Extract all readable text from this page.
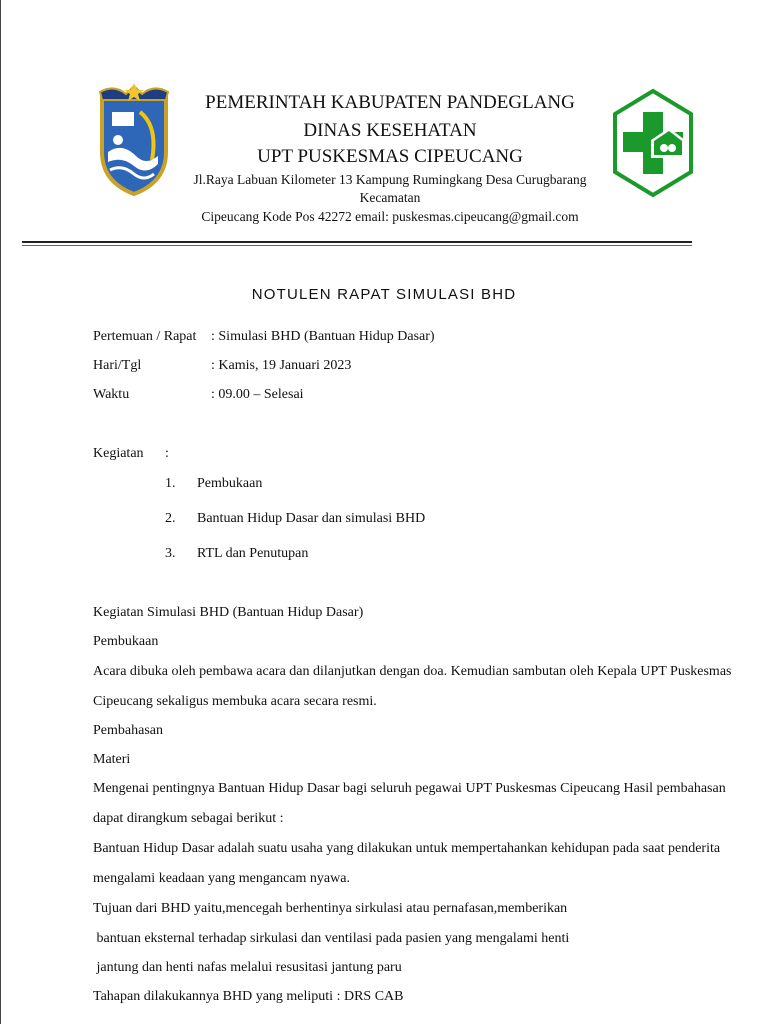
PEMERINTAH KABUPATEN PANDEGLANG
DINAS KESEHATAN
UPT PUSKESMAS CIPEUCANG
Jl.Raya Labuan Kilometer 13 Kampung Rumingkang Desa Curugbarang
Kecamatan
Cipeucang Kode Pos 42272 email: puskesmas.cipeucang@gmail.com
NOTULEN RAPAT SIMULASI BHD
Pertemuan / Rapat : Simulasi BHD (Bantuan Hidup Dasar)
Hari/Tgl	: Kamis, 19 Januari 2023
Waktu	: 09.00 – Selesai
Kegiatan :
1. Pembukaan
2. Bantuan Hidup Dasar dan simulasi BHD
3. RTL dan Penutupan
Kegiatan Simulasi BHD (Bantuan Hidup Dasar)
Pembukaan
Acara dibuka oleh pembawa acara dan dilanjutkan dengan doa. Kemudian sambutan oleh Kepala UPT Puskesmas
Cipeucang sekaligus membuka acara secara resmi.
Pembahasan
Materi
Mengenai pentingnya Bantuan Hidup Dasar bagi seluruh pegawai UPT Puskesmas Cipeucang Hasil pembahasan
dapat dirangkum sebagai berikut :
Bantuan Hidup Dasar adalah suatu usaha yang dilakukan untuk mempertahankan kehidupan pada saat penderita
mengalami keadaan yang mengancam nyawa.
Tujuan dari BHD yaitu,mencegah berhentinya sirkulasi atau pernafasan,memberikan
bantuan eksternal terhadap sirkulasi dan ventilasi pada pasien yang mengalami henti
jantung dan henti nafas melalui resusitasi jantung paru
Tahapan dilakukannya BHD yang meliputi : DRS CAB
